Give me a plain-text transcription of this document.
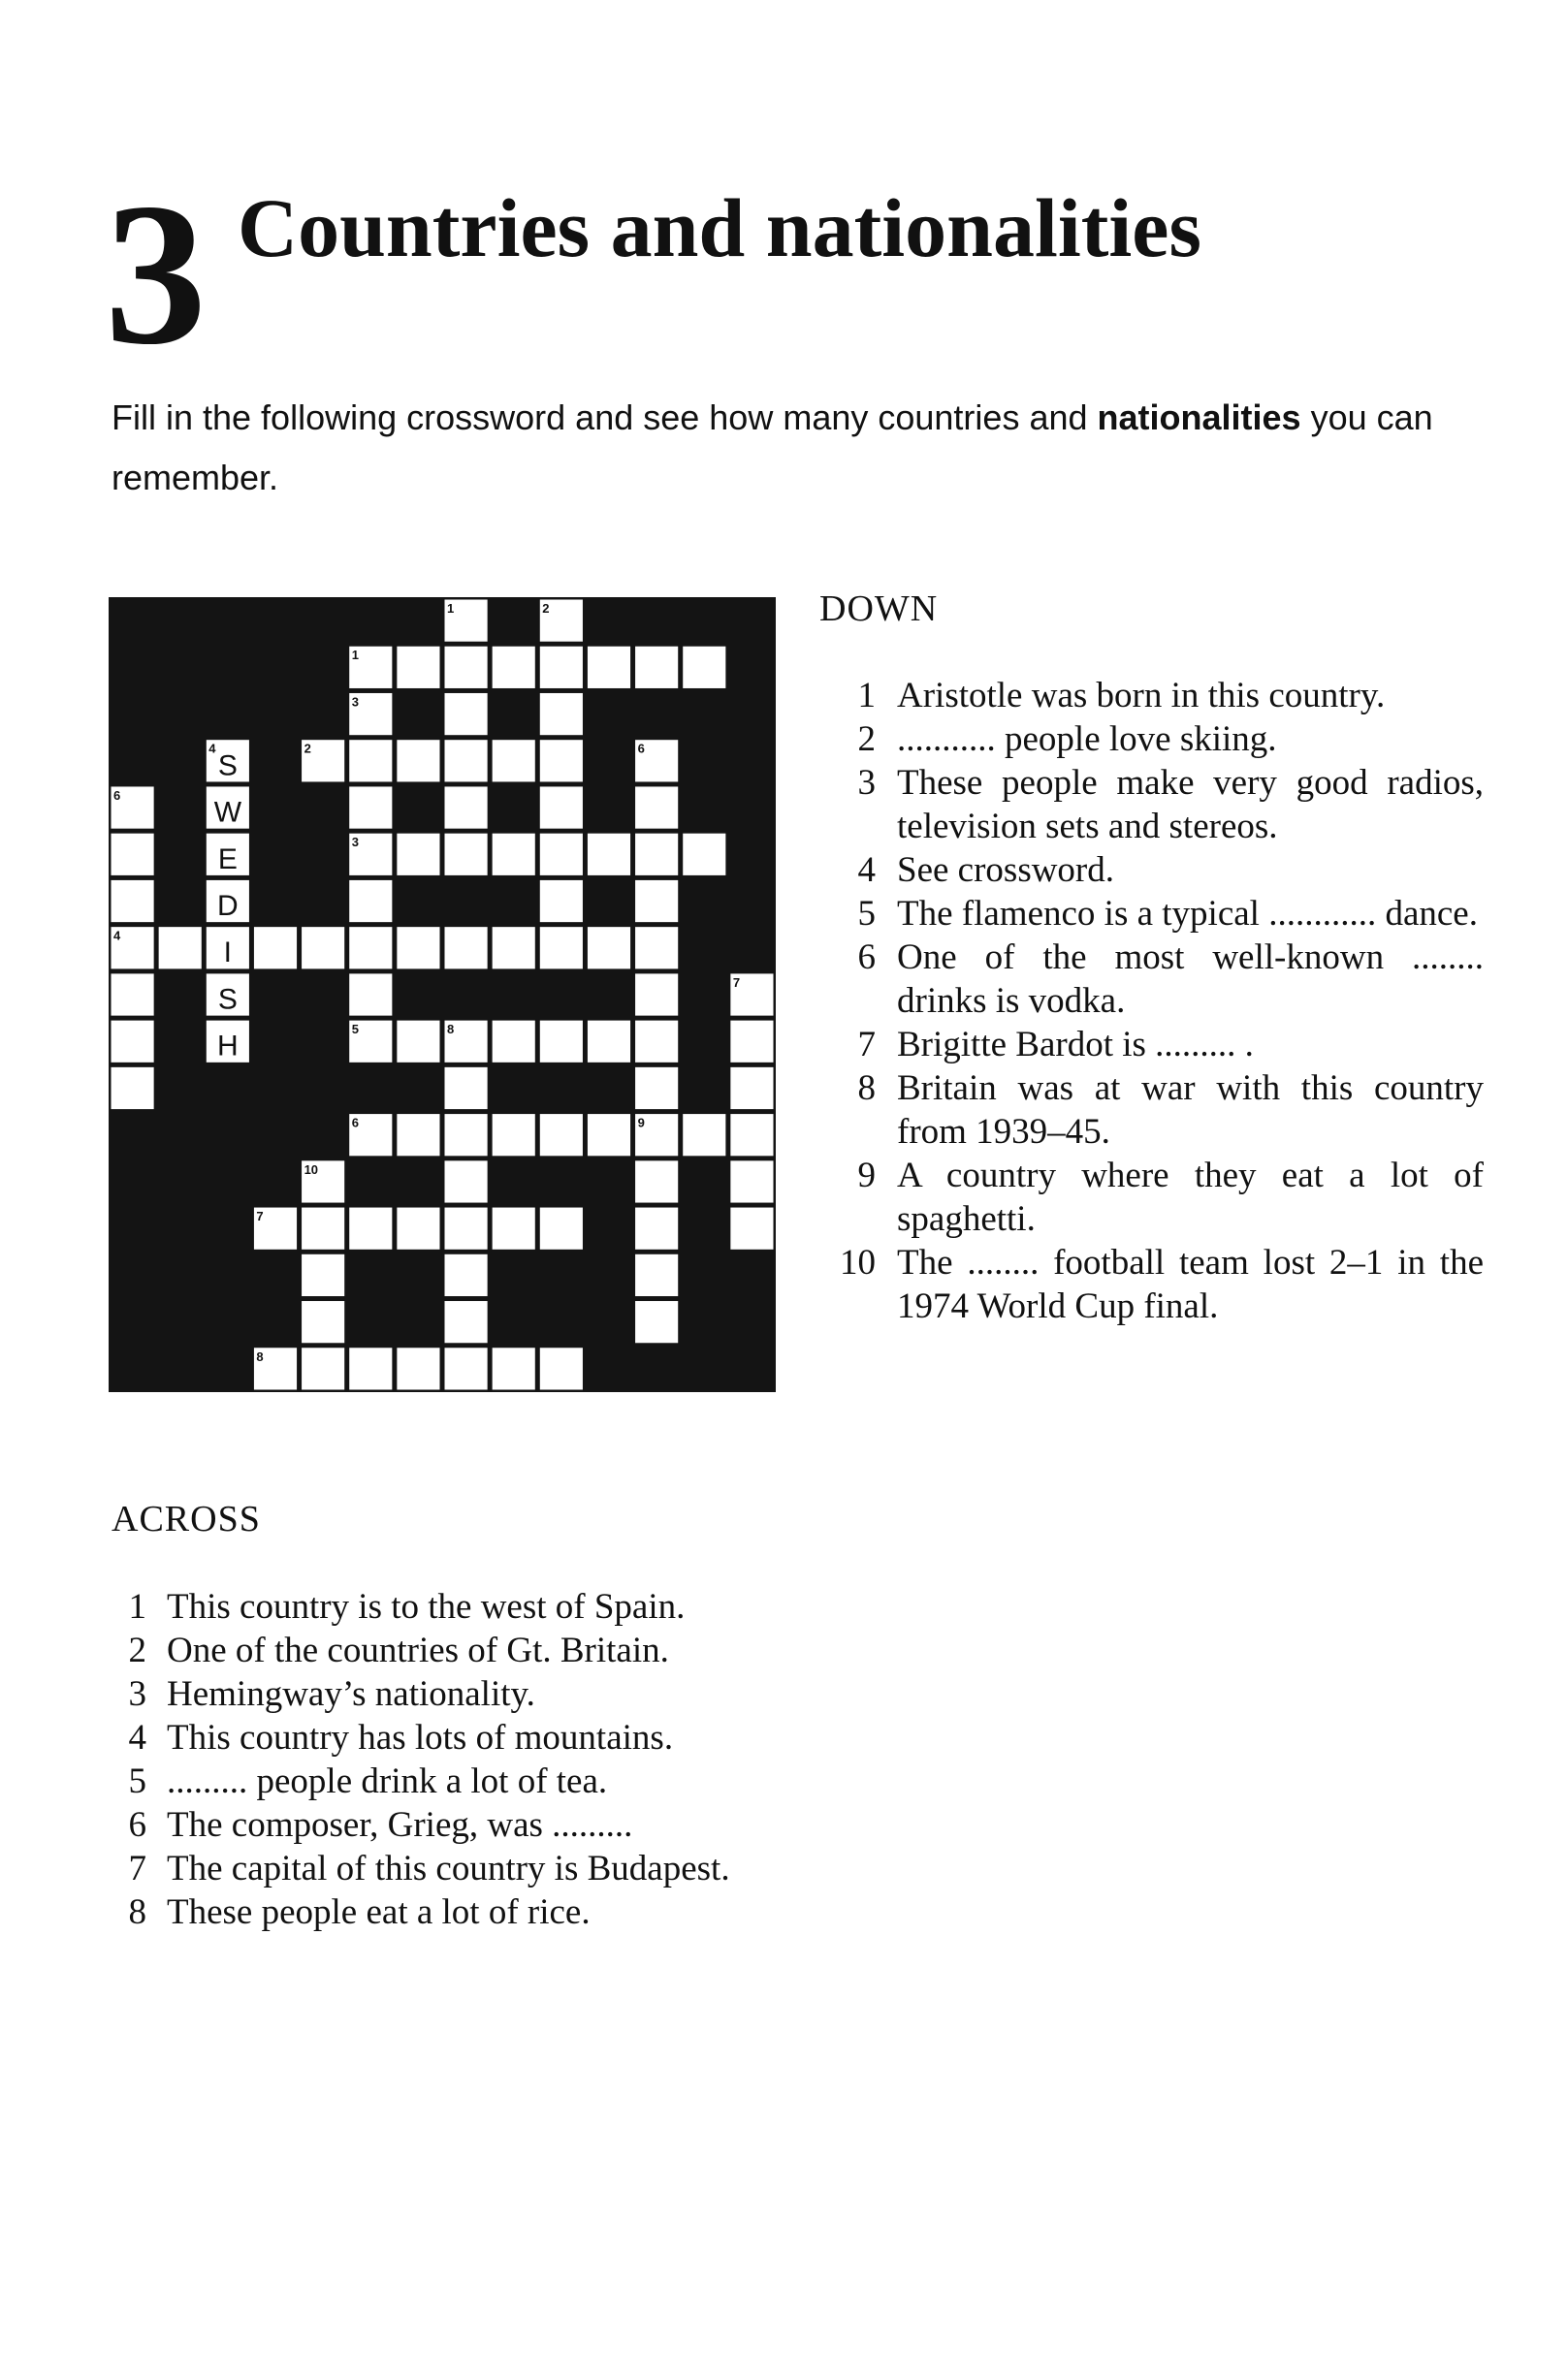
3 Countries and nationalities

Fill in the following crossword and see how many countries and nationalities you can remember.

S
W
E
D
I
S
H
1	2
1
3
4	2	6
6
3
4
7
5	8
6	9
10
7
8
DOWN
1 Aristotle was born in this country.
2 ........... people love skiing.
3 These people make very good radios, television sets and stereos.
4 See crossword.
5 The flamenco is a typical ............ dance.
6 One of the most well-known ........ drinks is vodka.
7 Brigitte Bardot is ......... .
8 Britain was at war with this country from 1939–45.
9 A country where they eat a lot of spaghetti.
10 The ........ football team lost 2–1 in the 1974 World Cup final.
ACROSS
1 This country is to the west of Spain.
2 One of the countries of Gt. Britain.
3 Hemingway’s nationality.
4 This country has lots of mountains.
5 ......... people drink a lot of tea.
6 The composer, Grieg, was .........
7 The capital of this country is Budapest.
8 These people eat a lot of rice.
